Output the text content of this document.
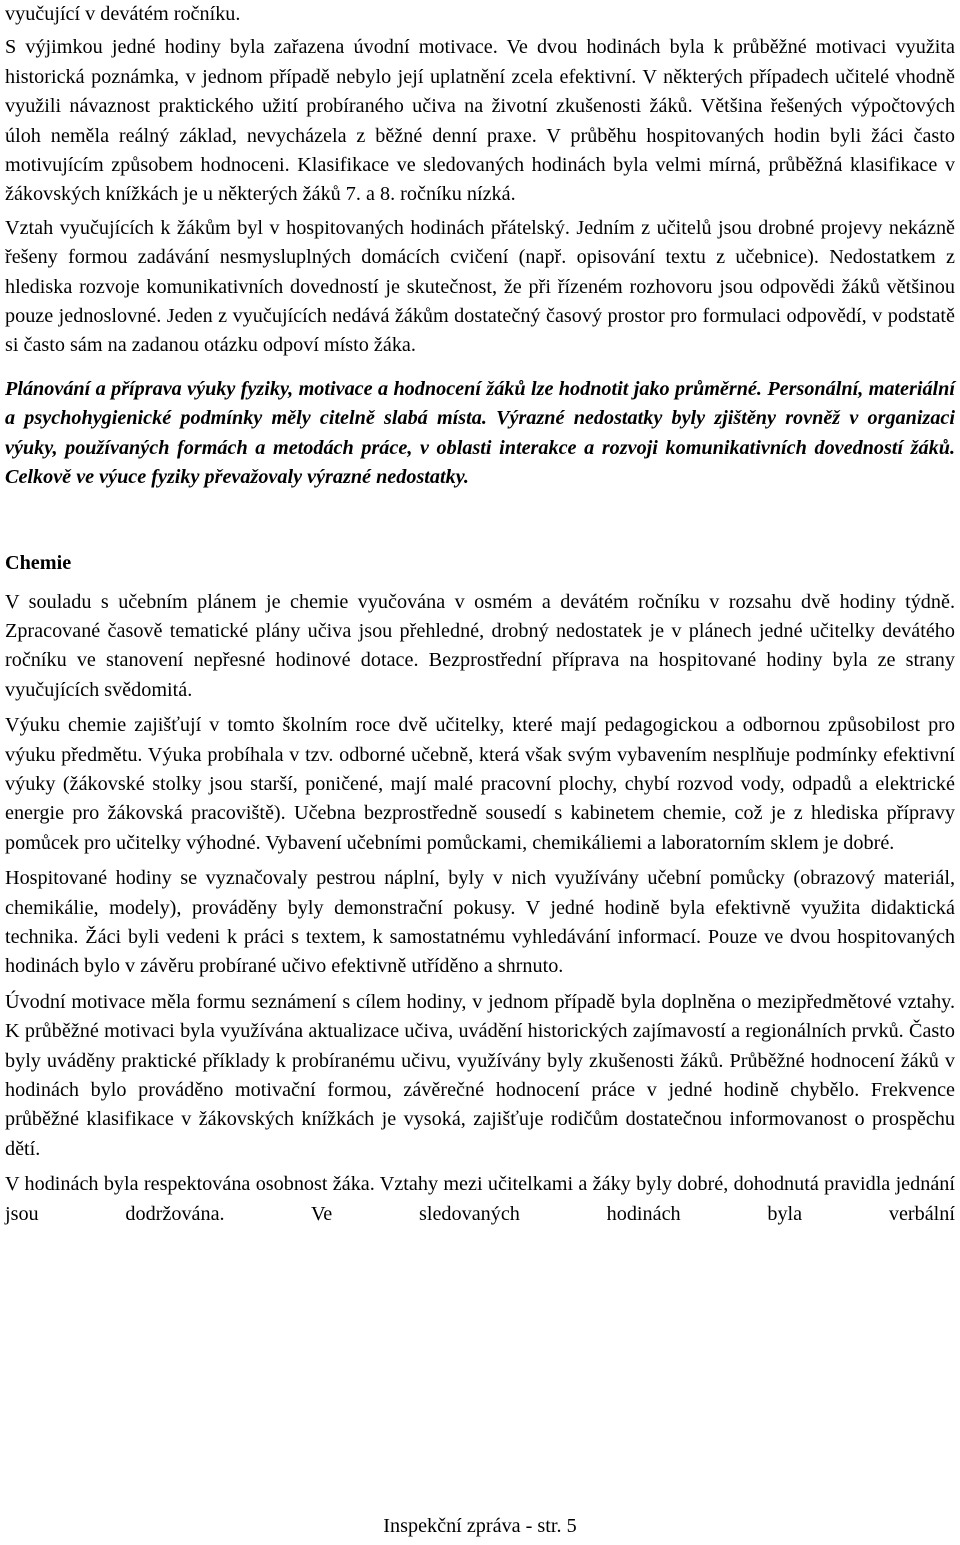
vyučující v devátém ročníku.

S výjimkou jedné hodiny byla zařazena úvodní motivace. Ve dvou hodinách byla k průběžné motivaci využita historická poznámka, v jednom případě nebylo její uplatnění zcela efektivní. V některých případech učitelé vhodně využili návaznost praktického užití probíraného učiva na životní zkušenosti žáků. Většina řešených výpočtových úloh neměla reálný základ, nevycházela z běžné denní praxe. V průběhu hospitovaných hodin byli žáci často motivujícím způsobem hodnoceni. Klasifikace ve sledovaných hodinách byla velmi mírná, průběžná klasifikace v žákovských knížkách je u některých žáků 7. a 8. ročníku nízká.

Vztah vyučujících k žákům byl v hospitovaných hodinách přátelský. Jedním z učitelů jsou drobné projevy nekázně řešeny formou zadávání nesmysluplných domácích cvičení (např. opisování textu z učebnice). Nedostatkem z hlediska rozvoje komunikativních dovedností je skutečnost, že při řízeném rozhovoru jsou odpovědi žáků většinou pouze jednoslovné. Jeden z vyučujících nedává žákům dostatečný časový prostor pro formulaci odpovědí, v podstatě si často sám na zadanou otázku odpoví místo žáka.

Plánování a příprava výuky fyziky, motivace a hodnocení žáků lze hodnotit jako průměrné. Personální, materiální a psychohygienické podmínky měly citelně slabá místa. Výrazné nedostatky byly zjištěny rovněž v organizaci výuky, používaných formách a metodách práce, v oblasti interakce a rozvoji komunikativních dovedností žáků. Celkově ve výuce fyziky převažovaly výrazné nedostatky.

Chemie

V souladu s učebním plánem je chemie vyučována v osmém a devátém ročníku v rozsahu dvě hodiny týdně. Zpracované časově tematické plány učiva jsou přehledné, drobný nedostatek je v plánech jedné učitelky devátého ročníku ve stanovení nepřesné hodinové dotace. Bezprostřední příprava na hospitované hodiny byla ze strany vyučujících svědomitá.

Výuku chemie zajišťují v tomto školním roce dvě učitelky, které mají pedagogickou a odbornou způsobilost pro výuku předmětu. Výuka probíhala v tzv. odborné učebně, která však svým vybavením nesplňuje podmínky efektivní výuky (žákovské stolky jsou starší, poničené, mají malé pracovní plochy, chybí rozvod vody, odpadů a elektrické energie pro žákovská pracoviště). Učebna bezprostředně sousedí s kabinetem chemie, což je z hlediska přípravy pomůcek pro učitelky výhodné. Vybavení učebními pomůckami, chemikáliemi a laboratorním sklem je dobré.

Hospitované hodiny se vyznačovaly pestrou náplní, byly v nich využívány učební pomůcky (obrazový materiál, chemikálie, modely), prováděny byly demonstrační pokusy. V jedné hodině byla efektivně využita didaktická technika. Žáci byli vedeni k práci s textem, k samostatnému vyhledávání informací. Pouze ve dvou hospitovaných hodinách bylo v závěru probírané učivo efektivně utříděno a shrnuto.

Úvodní motivace měla formu seznámení s cílem hodiny, v jednom případě byla doplněna o mezipředmětové vztahy. K průběžné motivaci byla využívána aktualizace učiva, uvádění historických zajímavostí a regionálních prvků. Často byly uváděny praktické příklady k probíranému učivu, využívány byly zkušenosti žáků. Průběžné hodnocení žáků v hodinách bylo prováděno motivační formou, závěrečné hodnocení práce v jedné hodině chybělo. Frekvence průběžné klasifikace v žákovských knížkách je vysoká, zajišťuje rodičům dostatečnou informovanost o prospěchu dětí.

V hodinách byla respektována osobnost žáka. Vztahy mezi učitelkami a žáky byly dobré, dohodnutá pravidla jednání jsou dodržována. Ve sledovaných hodinách byla verbální

Inspekční zpráva - str. 5
